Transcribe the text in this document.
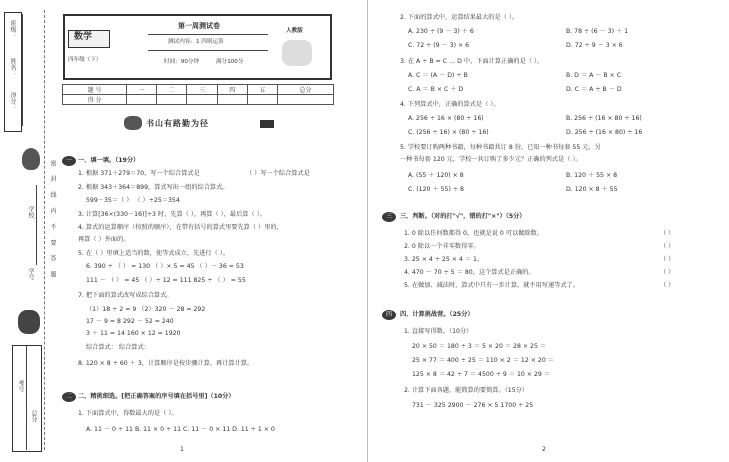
班级：
姓名：
得分：
密 封 线 内 不 要 答 题
学校
学号
考号
总分
数学
四年级（下）
第一周测试卷
测试内容：1 四则运算
时间：90分钟	满分100分
人教版
题 号	一	二	三	四	五	总分
得 分						
书山有路勤为径
一 一、填一填。（19分）
1. 根据 371＋279＝70，写一个综合算式是	（ ）写一个综合算式是
2. 根据 343＋364＝899，算式写出一组的综合算式。
599－35＝（ ） （ ）÷25＝354
3. 计算[36×(330－16)]÷3 时，先算（ ），再算（ ），最后算（ ）。
4. 算式的运算顺序（按照的顺序），在带有括号的算式里要先算（ ）里的，
再算（ ）外面的。
5. 在（ ）里填上适当的数，使等式成立，先进行（ ）。
6. 390 ÷ （ ） = 130 （ ）× 5 = 45 （ ）－ 36 = 53
111 － （ ） = 45 （ ）÷ 12 = 111 825 ÷ （ ） = 55
7. 把下面的算式改写成综合算式。
（1）18 ÷ 2 = 9 （2）320 － 28 = 292
17 － 9 = 8 292 － 52 = 240
3 ＋ 11 = 14 160 × 12 = 1920
综合算式： 综合算式：
8. 120 × 8 ÷ 60 ＋ 3，计算顺序是按步骤计算，再计算计算。
二 二、精挑细选。[把正确答案的序号填在括号里]（10分）
1. 下面算式中，得数最大的是（ ）。
A. 11 － 0 ÷ 11 B. 11 × 0 ÷ 11 C. 11 － 0 × 11 D. 11 ÷ 1 × 0
1
2. 下面的算式中，运算结果最大的是（ ）。
A. 230 ÷ (9 － 3) ＋ 6	B. 78 ÷ (6 － 3) ＋ 1
C. 72 ÷ (9 － 3) × 6	D. 72 ÷ 9 － 3 × 6
3. 在 A ÷ B = C … D 中，下面计算正确的是（ ）。
A. C ＝ (A － D) ÷ B	B. D ＝ A － B × C
C. A ＝ B × C ＋ D	D. C ＝ A ÷ B － D
4. 下列算式中，正确的算式是（ ）。
A. 256 ÷ 16 × (80 ÷ 16)	B. 256 ÷ (16 × 80 ÷ 16)
C. (256 ÷ 16) × (80 ÷ 16)	D. 256 ÷ (16 × 80) ÷ 16
5. 学校要订购两种书籍，每种书籍共订 8 份，已知一种书每套 55 元，另
一种书每套 120 元，学校一共订购了多少元？正确的列式是（ ）。
A. (55 ＋ 120) × 8	B. 120 ＋ 55 × 8
C. (120 ＋ 55) ÷ 8	D. 120 × 8 ＋ 55
三	三、判断。（对的打"√"，错的打"×"）（5分）
1. 0 除以任何数都得 0，也就是说 0 可以做除数。	（ ）
2. 0 除以一个非零数得零。	（ ）
3. 25 × 4 ÷ 25 × 4 ＝ 1。	（ ）
4. 470 － 70 ÷ 5 ＝ 80，这个算式是正确的。	（ ）
5. 在做加、减法时，算式中只有一步计算，就不用写递等式了。	（ ）
四	四、计算挑战营。（25分）
1. 直接写得数。（10分）
20 × 50 ＝ 180 ÷ 3 ＝ 5 × 20 ＝ 28 × 25 ＝
25 × 77 ＝ 400 ÷ 25 ＝ 110 × 2 ＝ 12 × 20 ＝
125 × 8 ＝ 42 ÷ 7 ＝ 4500 ÷ 9 ＝ 10 × 29 ＝
2. 计算下面各题，能简算的要简算。（15分）
731 － 325 2900 － 276 × 5 1700 ÷ 25
2
